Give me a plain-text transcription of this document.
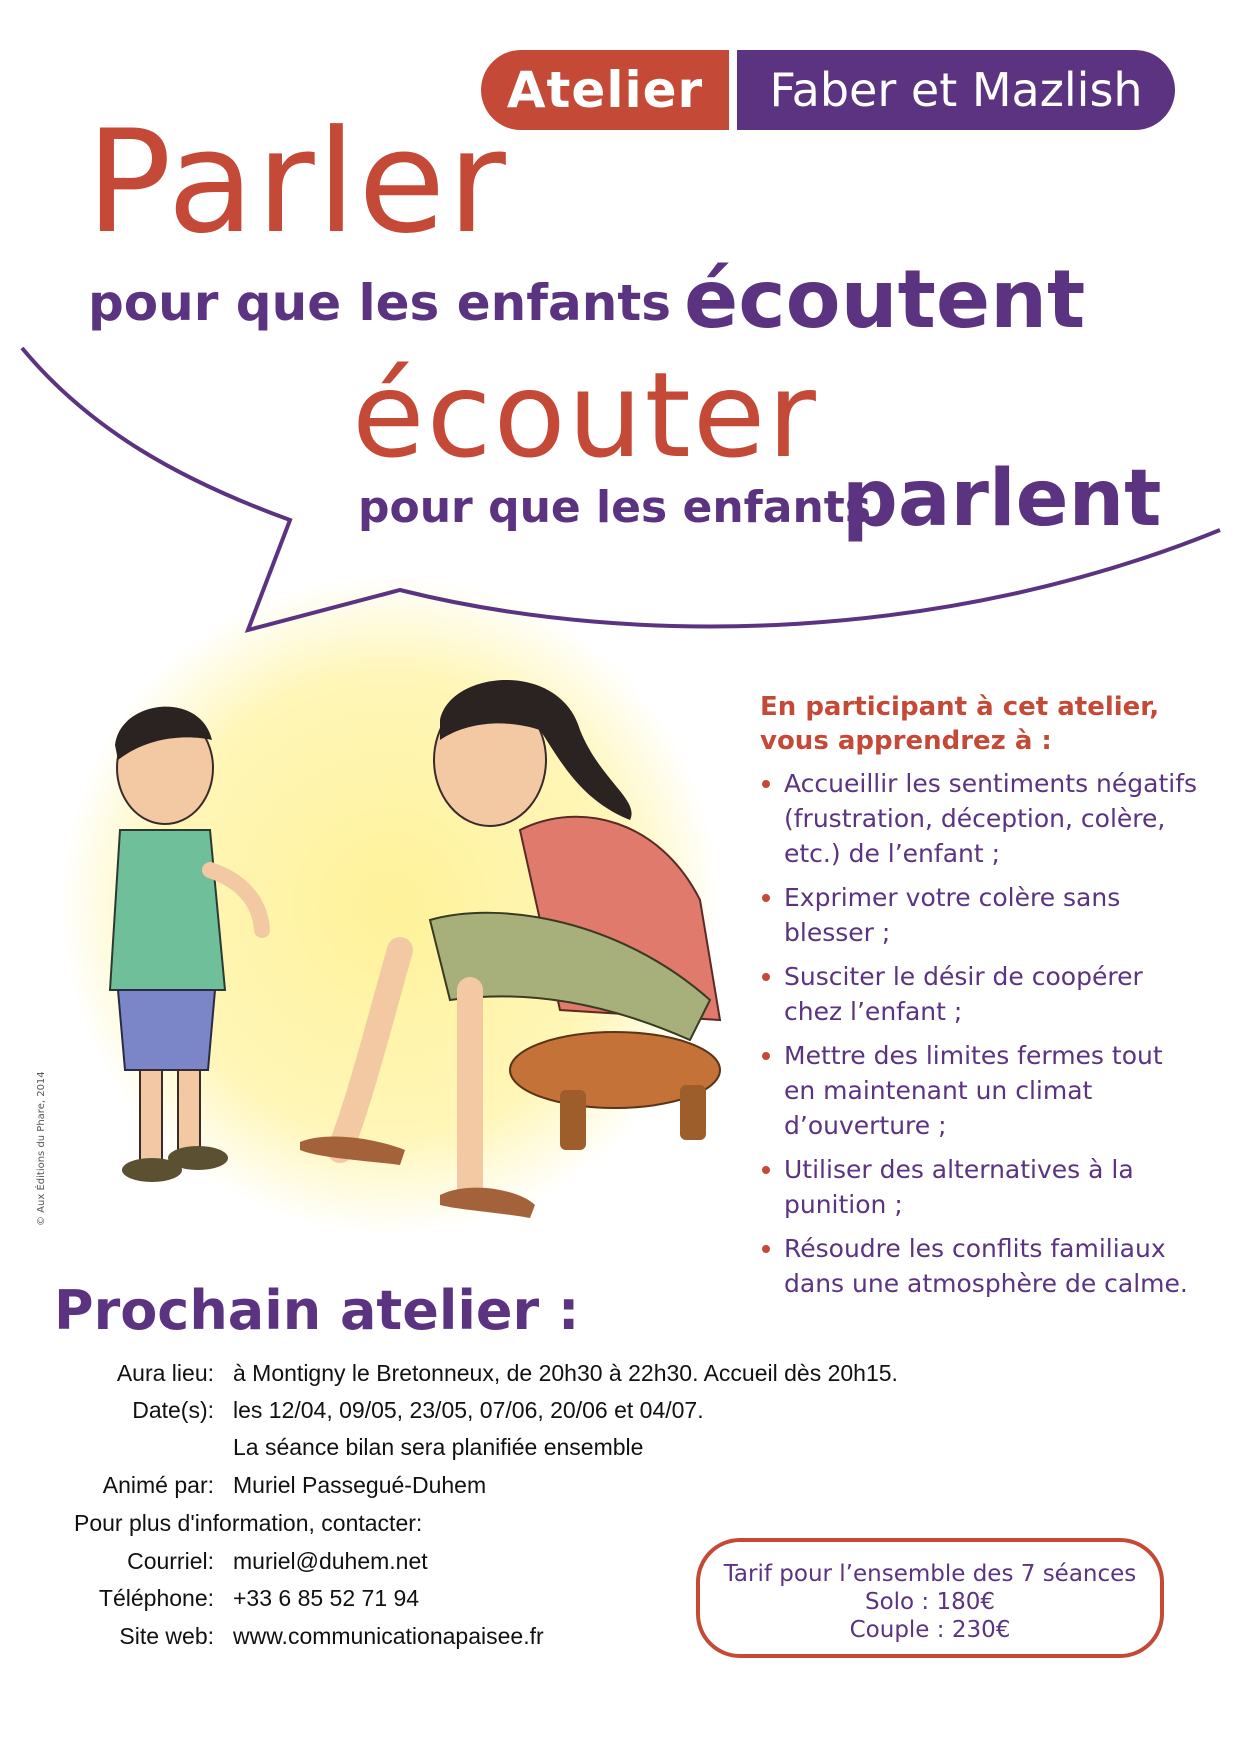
Atelier	Faber et Mazlish
Parler
pour que les enfants écoutent
écouter
pour que les enfants
parlent
En participant à cet atelier, vous apprendrez à :
Accueillir les sentiments négatifs (frustration, déception, colère, etc.) de l’enfant ;
Exprimer votre colère sans blesser ;
Susciter le désir de coopérer chez l’enfant ;
Mettre des limites fermes tout en maintenant un climat d’ouverture ;
Utiliser des alternatives à la punition ;
Résoudre les conflits familiaux dans une atmosphère de calme.
© Aux Éditions du Phare, 2014
Prochain atelier :
Aura lieu: à Montigny le Bretonneux, de 20h30 à 22h30. Accueil dès 20h15.
Date(s): les 12/04, 09/05, 23/05, 07/06, 20/06 et 04/07.
La séance bilan sera planifiée ensemble
Animé par: Muriel Passegué-Duhem
Pour plus d'information, contacter:
Courriel: muriel@duhem.net
Téléphone: +33 6 85 52 71 94
Site web: www.communicationapaisee.fr
Tarif pour l’ensemble des 7 séances
Solo : 180€
Couple : 230€
